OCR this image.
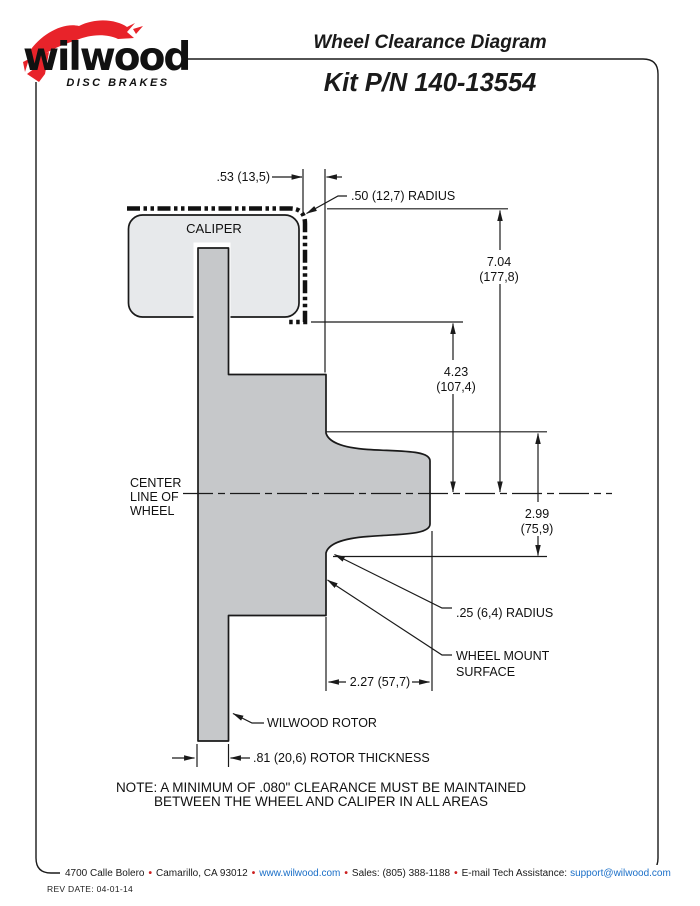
wilwood
DISC BRAKES
Wheel Clearance Diagram
Kit P/N 140-13554
CALIPER
.53 (13,5)
.50 (12,7) RADIUS
7.04
(177,8)
4.23
(107,4)
2.99
(75,9)
.25 (6,4) RADIUS
WHEEL MOUNT
SURFACE
2.27 (57,7)
WILWOOD ROTOR
.81 (20,6) ROTOR THICKNESS
CENTER
LINE OF
WHEEL
NOTE: A MINIMUM OF .080" CLEARANCE MUST BE MAINTAINED
BETWEEN THE WHEEL AND CALIPER IN ALL AREAS
4700 Calle Bolero • Camarillo, CA 93012 • www.wilwood.com • Sales: (805) 388-1188 • E-mail Tech Assistance: support@wilwood.com
REV DATE: 04-01-14
